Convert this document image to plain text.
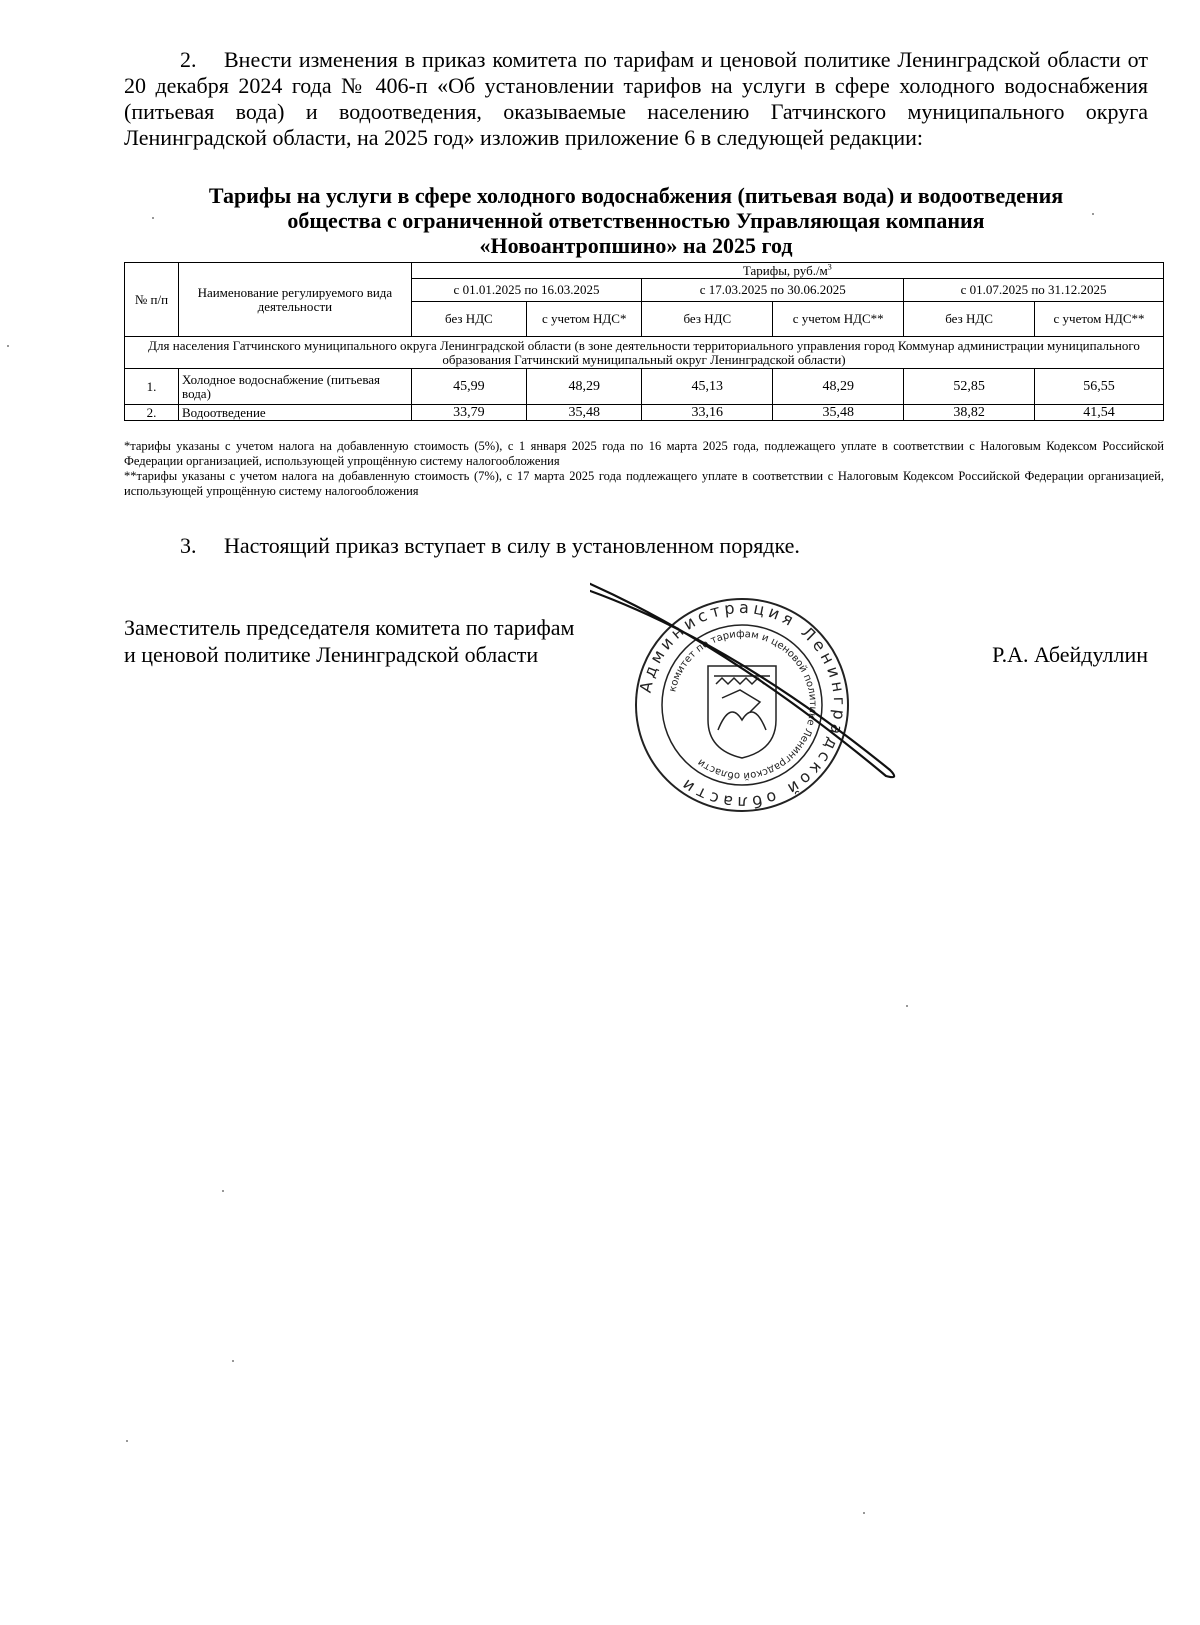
2. Внести изменения в приказ комитета по тарифам и ценовой политике Ленинградской области от 20 декабря 2024 года № 406-п «Об установлении тарифов на услуги в сфере холодного водоснабжения (питьевая вода) и водоотведения, оказываемые населению Гатчинского муниципального округа Ленинградской области, на 2025 год» изложив приложение 6 в следующей редакции:
Тарифы на услуги в сфере холодного водоснабжения (питьевая вода) и водоотведения
общества с ограниченной ответственностью Управляющая компания
«Новоантропшино» на 2025 год
№ п/п	Наименование регулируемого вида деятельности	Тарифы, $руб./м^3$
		с 01.01.2025 по 16.03.2025		с 17.03.2025 по 30.06.2025		с 01.07.2025 по 31.12.2025	
		без НДС	с учетом НДС*	без НДС	с учетом НДС**	без НДС	с учетом НДС**
Для населения Гатчинского муниципального округа Ленинградской области (в зоне деятельности территориального управления город Коммунар администрации муниципального образования Гатчинский муниципальный округ Ленинградской области)							
1.	Холодное водоснабжение (питьевая вода)	45,99	48,29	45,13	48,29	52,85	56,55
2.	Водоотведение	33,79	35,48	33,16	35,48	38,82	41,54

*тарифы указаны с учетом налога на добавленную стоимость (5%), с 1 января 2025 года по 16 марта 2025 года, подлежащего уплате в соответствии с Налоговым Кодексом Российской Федерации организацией, использующей упрощённую систему налогообложения

**тарифы указаны с учетом налога на добавленную стоимость (7%), с 17 марта 2025 года подлежащего уплате в соответствии с Налоговым Кодексом Российской Федерации организацией, использующей упрощённую систему налогообложения

3. Настоящий приказ вступает в силу в установленном порядке.
Заместитель председателя комитета по тарифам
и ценовой политике Ленинградской области	Р.А. Абейдуллин
Администрация Ленинградской области
комитет по тарифам и ценовой политике Ленинградской области
